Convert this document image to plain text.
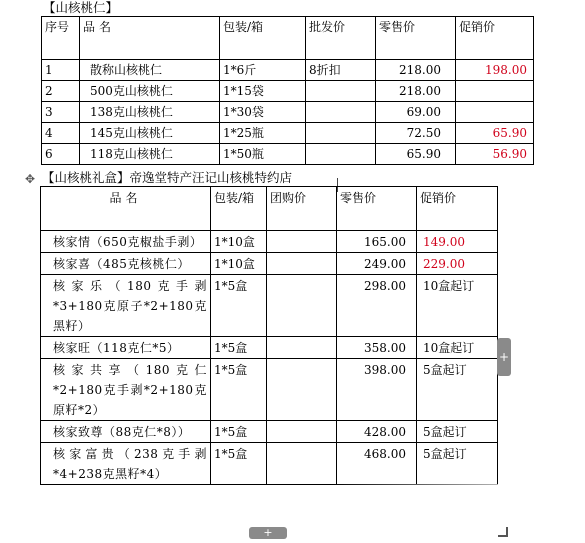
【山核桃仁】
序号	品名	包装/箱	批发价	零售价	促销价
1	散称山核桃仁	1*6斤	8折扣	218.00	198.00
2	500克山核桃仁	1*15袋		218.00	
3	138克山核桃仁	1*30袋		69.00	
4	145克山核桃仁	1*25瓶		72.50	65.90
6	118克山核桃仁	1*50瓶		65.90	56.90
✥ 【山核桃礼盒】帝逸堂特产汪记山核桃特约店
品名	包装/箱	团购价	零售价	促销价
核家情（650克椒盐手剥）	1*10盒		165.00	149.00
核家喜（485克核桃仁）	1*10盒		249.00	229.00
核家乐（180克手剥*3+180克原子*2+180克黑籽）	1*5盒		298.00	10盒起订
核家旺（118克仁*5）	1*5盒		358.00	10盒起订
核家共享（180克仁*2+180克手剥*2+180克原籽*2）	1*5盒		398.00	5盒起订
核家致尊（88克仁*8））	1*5盒		428.00	5盒起订
核家富贵（238克手剥*4+238克黑籽*4）	1*5盒		468.00	5盒起订
+
+
